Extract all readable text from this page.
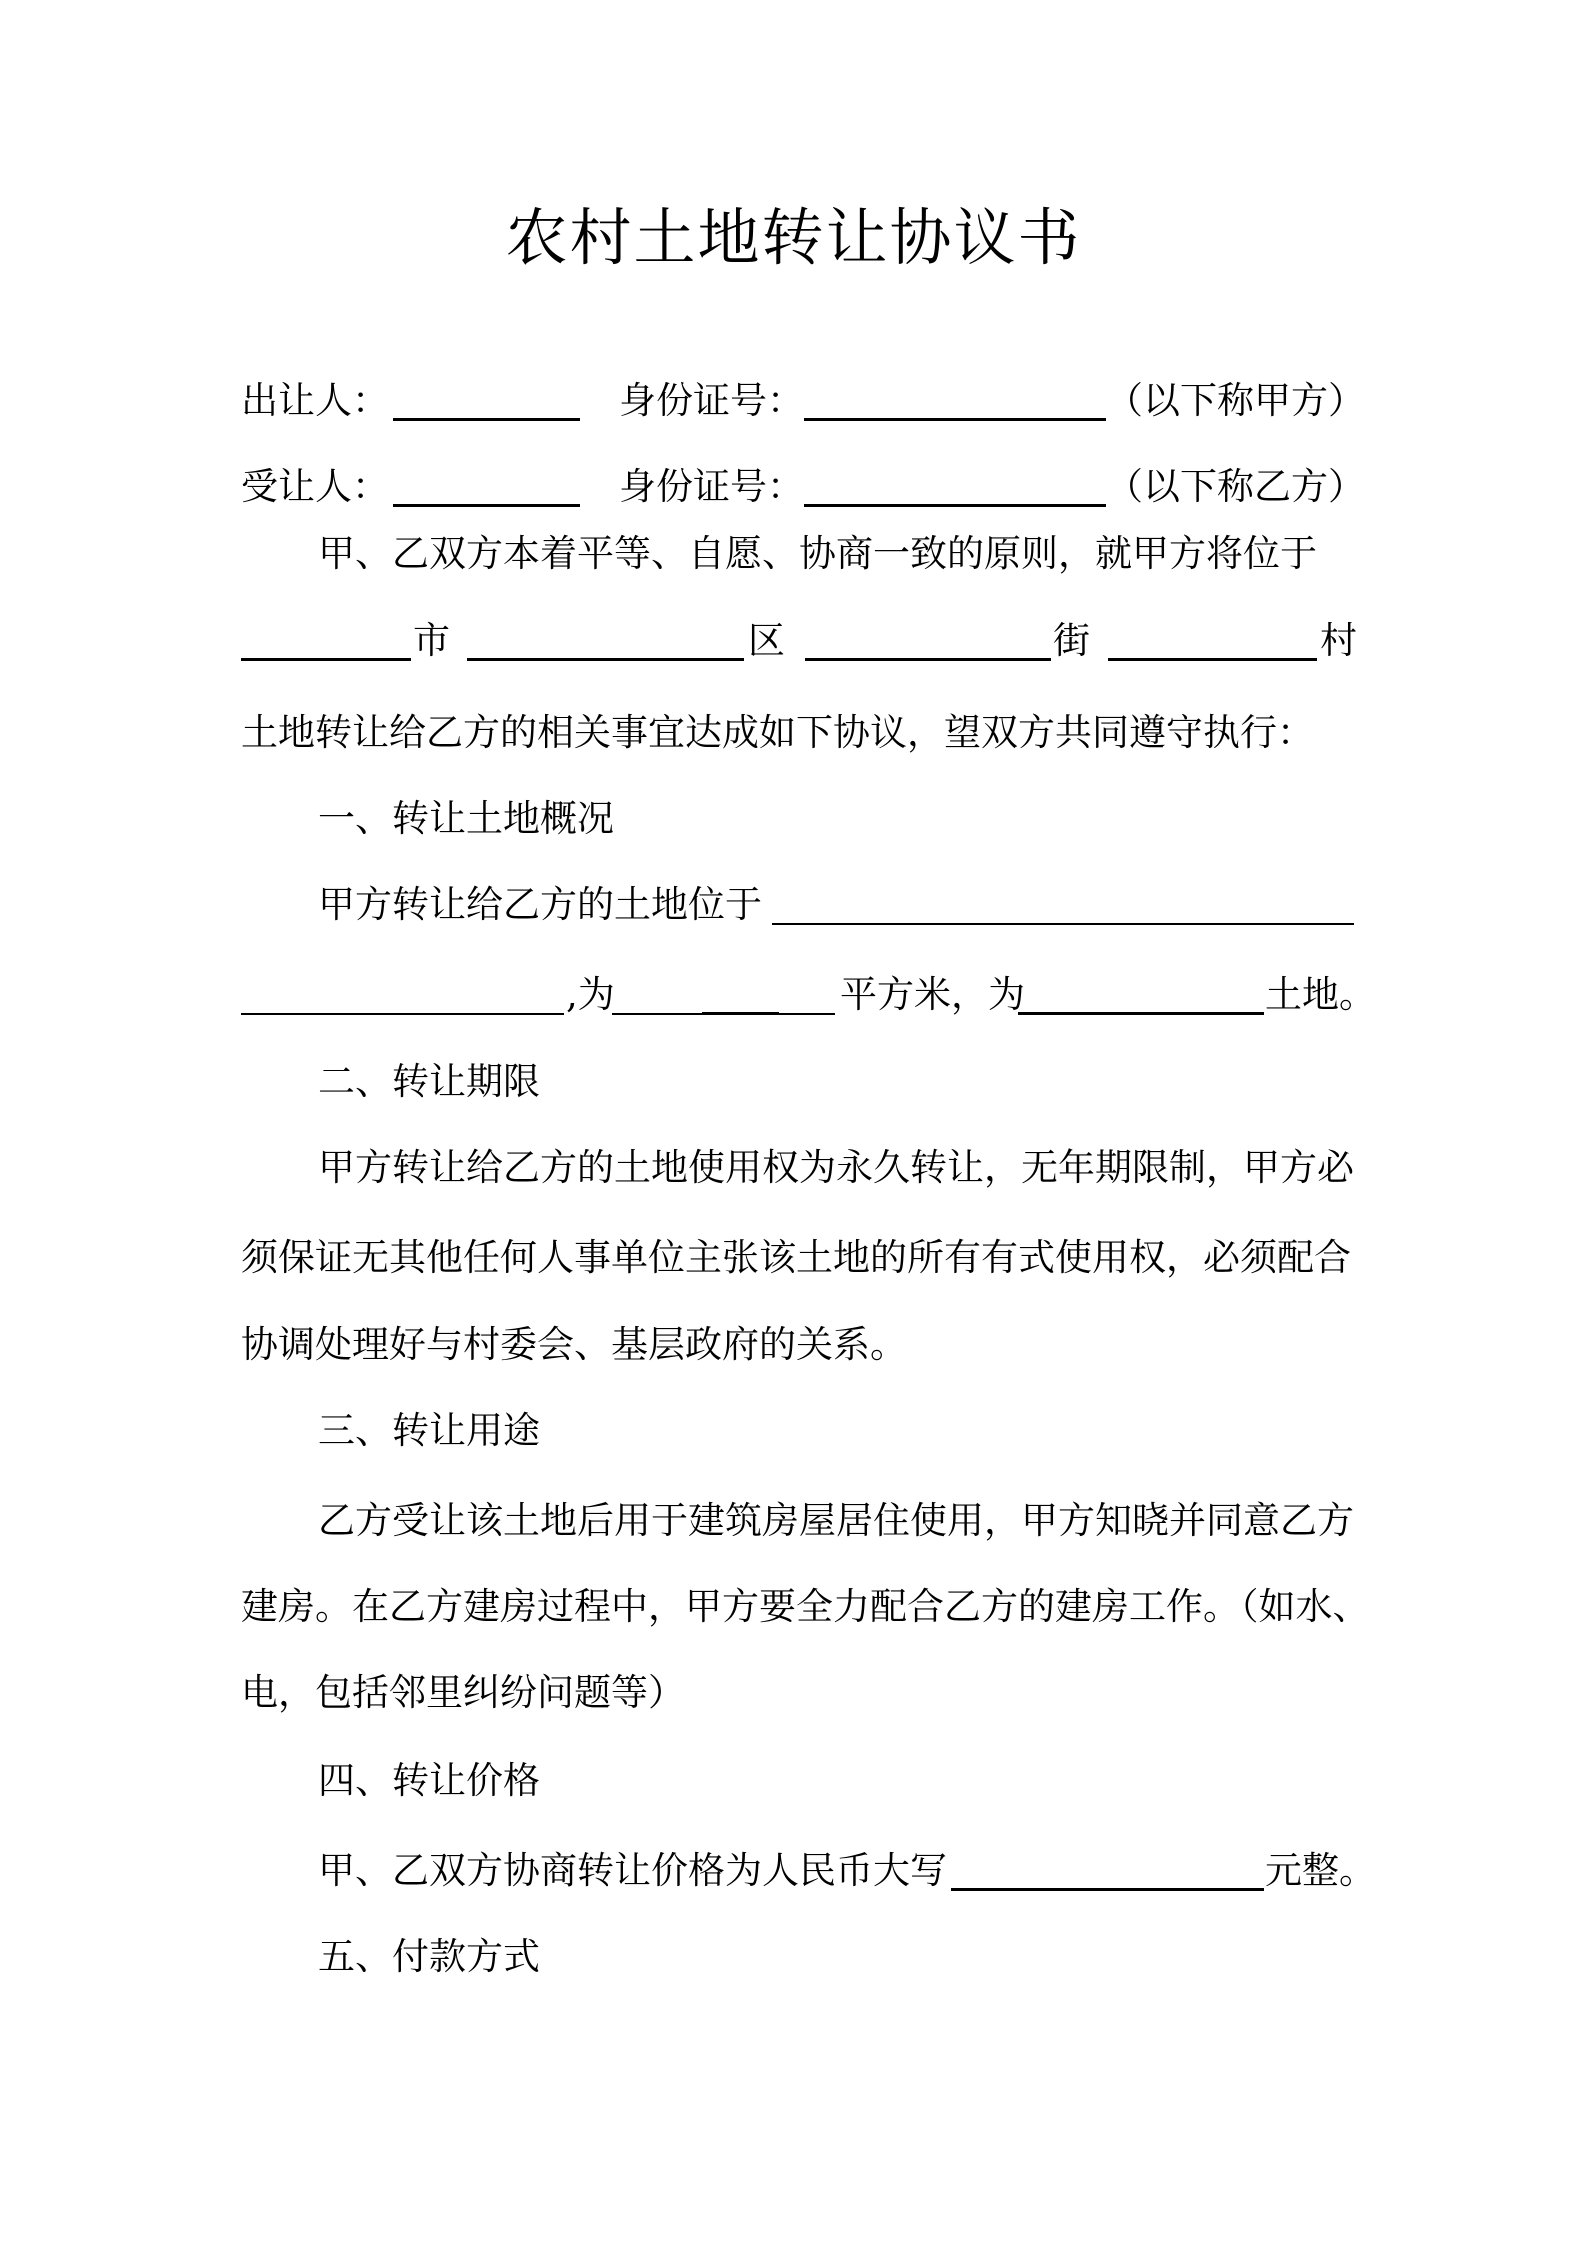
农村土地转让协议书
出让人：	身份证号：	（以下称甲方）
受让人：	身份证号：	（以下称乙方）
甲、乙双方本着平等、自愿、协商一致的原则，就甲方将位于
市	区	街	村
土地转让给乙方的相关事宜达成如下协议，望双方共同遵守执行：
一、转让土地概况
甲方转让给乙方的土地位于
,为	平方米，为	土地。
二、转让期限
甲方转让给乙方的土地使用权为永久转让，无年期限制，甲方必
须保证无其他任何人事单位主张该土地的所有有式使用权，必须配合
协调处理好与村委会、基层政府的关系。
三、转让用途
乙方受让该土地后用于建筑房屋居住使用，甲方知晓并同意乙方
建房。在乙方建房过程中，甲方要全力配合乙方的建房工作。（如水、
电，包括邻里纠纷问题等）
四、转让价格
甲、乙双方协商转让价格为人民币大写	元整。
五、付款方式
